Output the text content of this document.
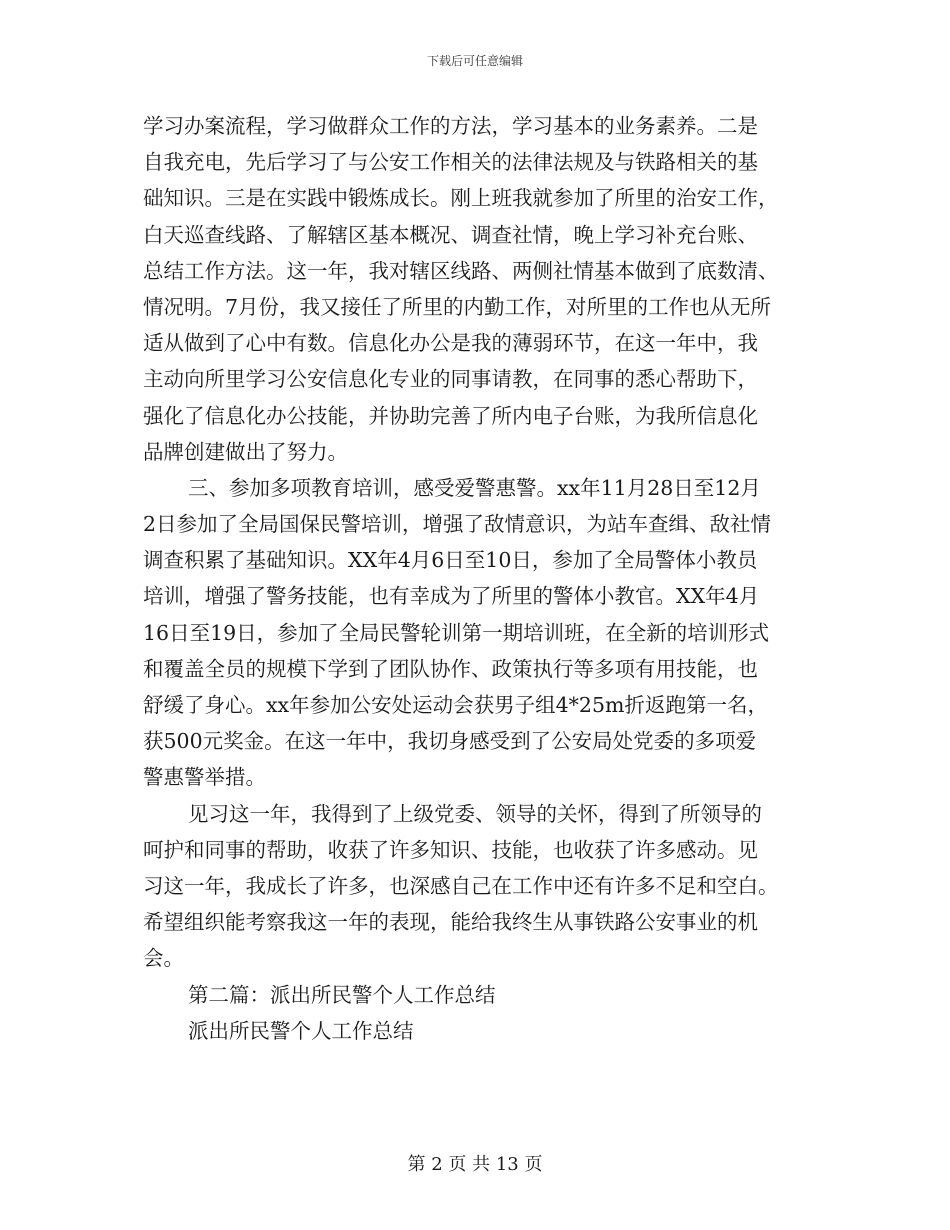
下载后可任意编辑
学习办案流程，学习做群众工作的方法，学习基本的业务素养。二是
自我充电，先后学习了与公安工作相关的法律法规及与铁路相关的基
础知识。三是在实践中锻炼成长。刚上班我就参加了所里的治安工作，
白天巡查线路、了解辖区基本概况、调查社情，晚上学习补充台账、
总结工作方法。这一年，我对辖区线路、两侧社情基本做到了底数清、
情况明。7月份，我又接任了所里的内勤工作，对所里的工作也从无所
适从做到了心中有数。信息化办公是我的薄弱环节，在这一年中，我
主动向所里学习公安信息化专业的同事请教，在同事的悉心帮助下，
强化了信息化办公技能，并协助完善了所内电子台账，为我所信息化
品牌创建做出了努力。
三、参加多项教育培训，感受爱警惠警。xx年11月28日至12月
2日参加了全局国保民警培训，增强了敌情意识，为站车查缉、敌社情
调查积累了基础知识。XX年4月6日至10日，参加了全局警体小教员
培训，增强了警务技能，也有幸成为了所里的警体小教官。XX年4月
16日至19日，参加了全局民警轮训第一期培训班，在全新的培训形式
和覆盖全员的规模下学到了团队协作、政策执行等多项有用技能，也
舒缓了身心。xx年参加公安处运动会获男子组4*25m折返跑第一名，
获500元奖金。在这一年中，我切身感受到了公安局处党委的多项爱
警惠警举措。
见习这一年，我得到了上级党委、领导的关怀，得到了所领导的
呵护和同事的帮助，收获了许多知识、技能，也收获了许多感动。见
习这一年，我成长了许多，也深感自己在工作中还有许多不足和空白。
希望组织能考察我这一年的表现，能给我终生从事铁路公安事业的机
会。
第二篇：派出所民警个人工作总结
派出所民警个人工作总结
第 2 页 共 13 页
